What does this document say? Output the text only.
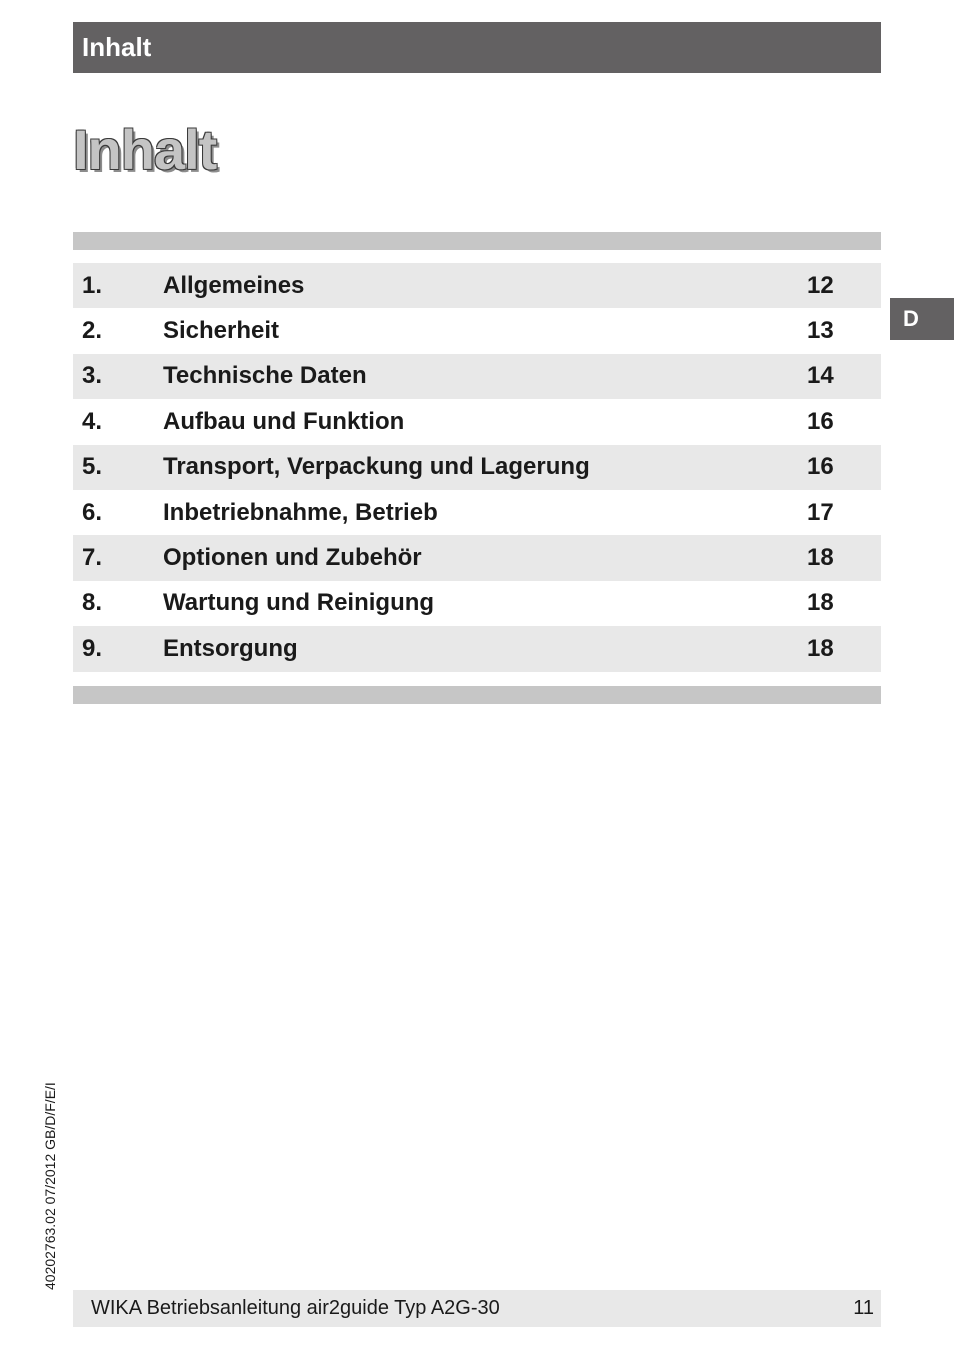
Inhalt
Inhalt
1.	Allgemeines	12
2.	Sicherheit	13
3.	Technische Daten	14
4.	Aufbau und Funktion	16
5.	Transport, Verpackung und Lagerung	16
6.	Inbetriebnahme, Betrieb	17
7.	Optionen und Zubehör	18
8.	Wartung und Reinigung	18
9.	Entsorgung	18
D
40202763.02 07/2012 GB/D/F/E/I
WIKA Betriebsanleitung air2guide Typ A2G-30	11
